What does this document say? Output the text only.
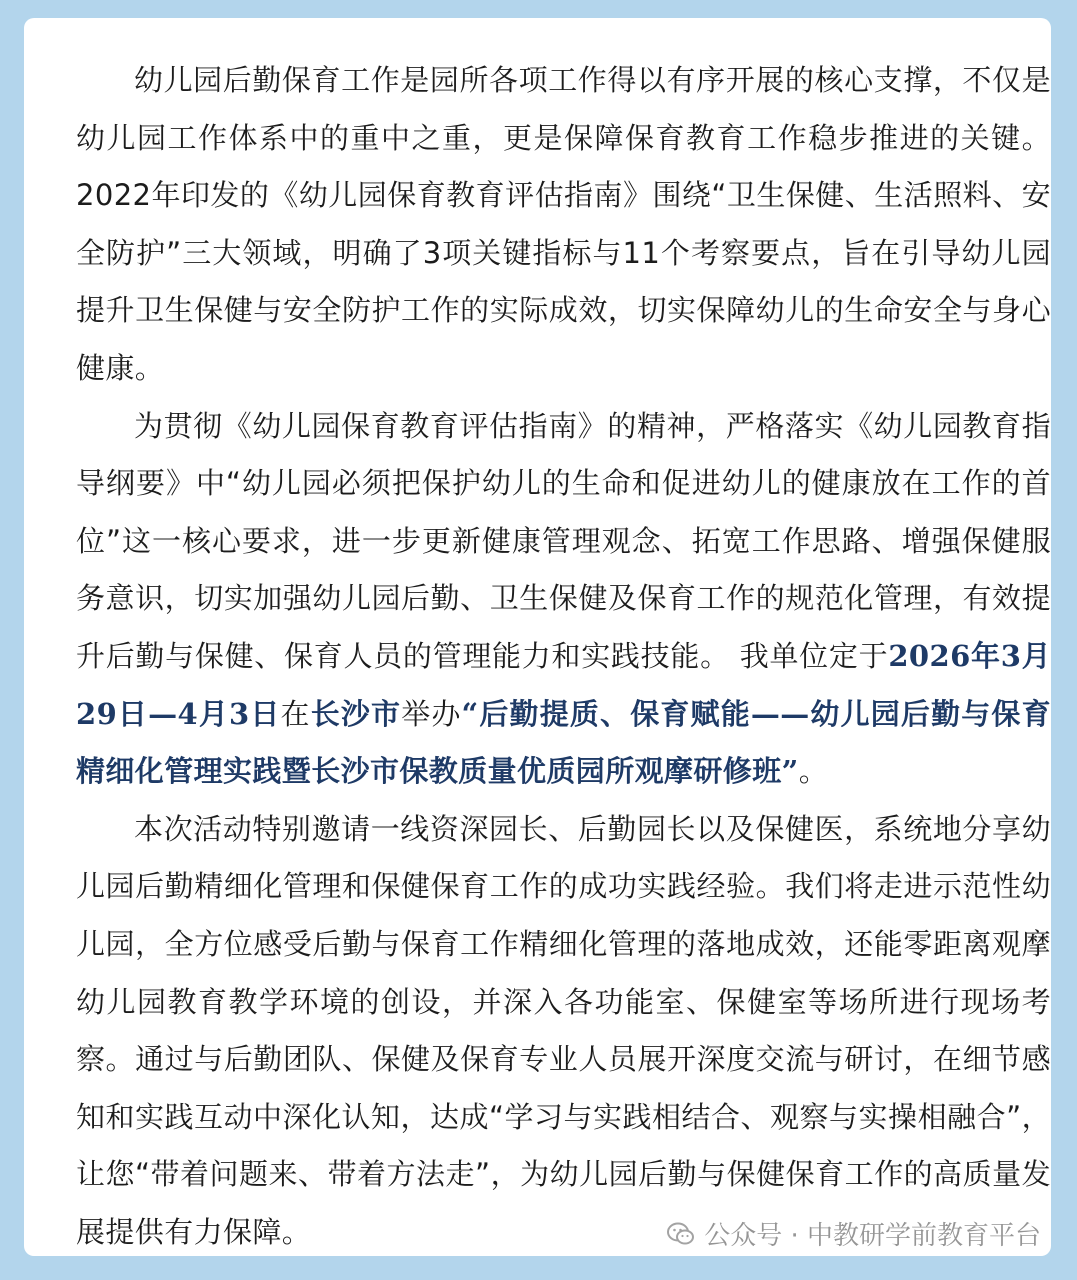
幼儿园后勤保育工作是园所各项工作得以有序开展的核心支撑，不仅是幼儿园工作体系中的重中之重，更是保障保育教育工作稳步推进的关键。2022年印发的《幼儿园保育教育评估指南》围绕“卫生保健、生活照料、安全防护”三大领域，明确了3项关键指标与11个考察要点，旨在引导幼儿园提升卫生保健与安全防护工作的实际成效，切实保障幼儿的生命安全与身心健康。

为贯彻《幼儿园保育教育评估指南》的精神，严格落实《幼儿园教育指导纲要》中“幼儿园必须把保护幼儿的生命和促进幼儿的健康放在工作的首位”这一核心要求，进一步更新健康管理观念、拓宽工作思路、增强保健服务意识，切实加强幼儿园后勤、卫生保健及保育工作的规范化管理，有效提升后勤与保健、保育人员的管理能力和实践技能。 我单位定于2026年3月29日—4月3日在长沙市举办“后勤提质、保育赋能——幼儿园后勤与保育精细化管理实践暨长沙市保教质量优质园所观摩研修班”。

本次活动特别邀请一线资深园长、后勤园长以及保健医，系统地分享幼儿园后勤精细化管理和保健保育工作的成功实践经验。我们将走进示范性幼儿园，全方位感受后勤与保育工作精细化管理的落地成效，还能零距离观摩幼儿园教育教学环境的创设，并深入各功能室、保健室等场所进行现场考察。通过与后勤团队、保健及保育专业人员展开深度交流与研讨，在细节感知和实践互动中深化认知，达成“学习与实践相结合、观察与实操相融合”，让您“带着问题来、带着方法走”，为幼儿园后勤与保健保育工作的高质量发展提供有力保障。	公众号 · 中教研学前教育平台
